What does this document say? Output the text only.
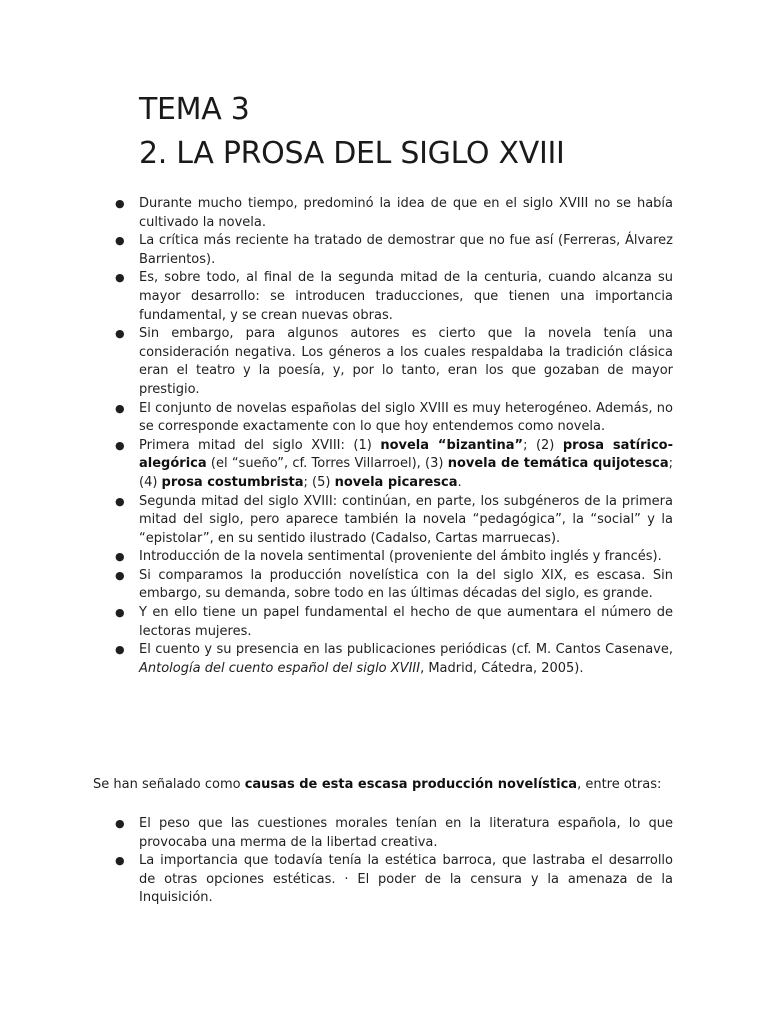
TEMA 3
2. LA PROSA DEL SIGLO XVIII
● Durante mucho tiempo, predominó la idea de que en el siglo XVIII no se había cultivado la novela.
● La crítica más reciente ha tratado de demostrar que no fue así (Ferreras, Álvarez Barrientos).
● Es, sobre todo, al final de la segunda mitad de la centuria, cuando alcanza su mayor desarrollo: se introducen traducciones, que tienen una importancia fundamental, y se crean nuevas obras.
● Sin embargo, para algunos autores es cierto que la novela tenía una consideración negativa. Los géneros a los cuales respaldaba la tradición clásica eran el teatro y la poesía, y, por lo tanto, eran los que gozaban de mayor prestigio.
● El conjunto de novelas españolas del siglo XVIII es muy heterogéneo. Además, no se corresponde exactamente con lo que hoy entendemos como novela.
● Primera mitad del siglo XVIII: (1) novela “bizantina”; (2) prosa satírico-alegórica (el “sueño”, cf. Torres Villarroel), (3) novela de temática quijotesca; (4) prosa costumbrista; (5) novela picaresca.
● Segunda mitad del siglo XVIII: continúan, en parte, los subgéneros de la primera mitad del siglo, pero aparece también la novela “pedagógica”, la “social” y la “epistolar”, en su sentido ilustrado (Cadalso, Cartas marruecas).
● Introducción de la novela sentimental (proveniente del ámbito inglés y francés).
● Si comparamos la producción novelística con la del siglo XIX, es escasa. Sin embargo, su demanda, sobre todo en las últimas décadas del siglo, es grande.
● Y en ello tiene un papel fundamental el hecho de que aumentara el número de lectoras mujeres.
● El cuento y su presencia en las publicaciones periódicas (cf. M. Cantos Casenave, Antología del cuento español del siglo XVIII, Madrid, Cátedra, 2005).

Se han señalado como causas de esta escasa producción novelística, entre otras:

● El peso que las cuestiones morales tenían en la literatura española, lo que provocaba una merma de la libertad creativa.
● La importancia que todavía tenía la estética barroca, que lastraba el desarrollo de otras opciones estéticas. · El poder de la censura y la amenaza de la Inquisición.
